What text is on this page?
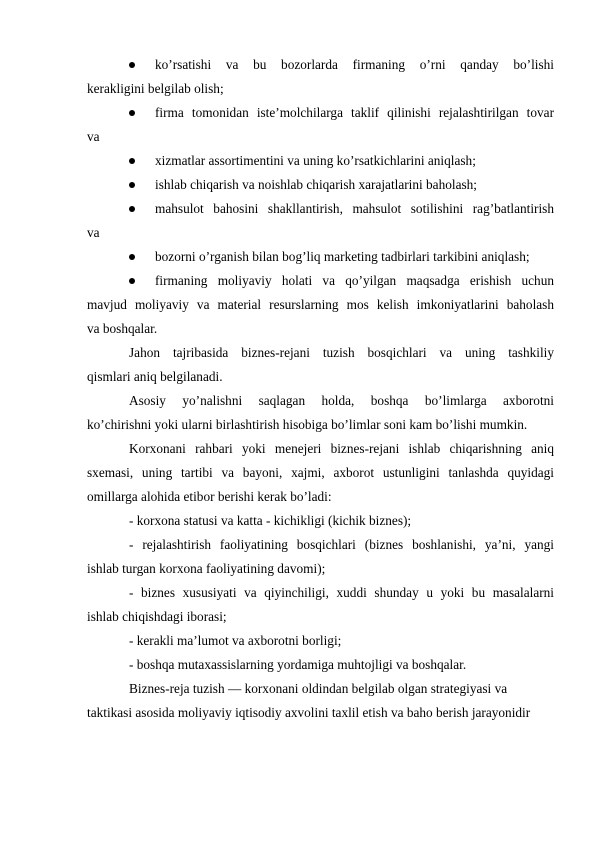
ko’rsatishi va bu bozorlarda firmaning o’rni qanday bo’lishi
kerakligini belgilab olish;
firma tomonidan iste’molchilarga taklif qilinishi rejalashtirilgan tovar
va
xizmatlar assortimentini va uning ko’rsatkichlarini aniqlash;
ishlab chiqarish va noishlab chiqarish xarajatlarini baholash;
mahsulot bahosini shakllantirish, mahsulot sotilishini rag’batlantirish
va
bozorni o’rganish bilan bog’liq marketing tadbirlari tarkibini aniqlash;
firmaning moliyaviy holati va qo’yilgan maqsadga erishish uchun
mavjud moliyaviy va material resurslarning mos kelish imkoniyatlarini baholash
va boshqalar.
Jahon tajribasida biznes-rejani tuzish bosqichlari va uning tashkiliy
qismlari aniq belgilanadi.
Asosiy yo’nalishni saqlagan holda, boshqa bo’limlarga axborotni
ko’chirishni yoki ularni birlashtirish hisobiga bo’limlar soni kam bo’lishi mumkin.
Korxonani rahbari yoki menejeri biznes-rejani ishlab chiqarishning aniq
sxemasi, uning tartibi va bayoni, xajmi, axborot ustunligini tanlashda quyidagi
omillarga alohida etibor berishi kerak bo’ladi:
- korxona statusi va katta - kichikligi (kichik biznes);
- rejalashtirish faoliyatining bosqichlari (biznes boshlanishi, ya’ni, yangi
ishlab turgan korxona faoliyatining davomi);
- biznes xususiyati va qiyinchiligi, xuddi shunday u yoki bu masalalarni
ishlab chiqishdagi iborasi;
- kerakli ma’lumot va axborotni borligi;
- boshqa mutaxassislarning yordamiga muhtojligi va boshqalar.
Biznes-reja tuzish — korxonani oldindan belgilab olgan strategiyasi va
taktikasi asosida moliyaviy iqtisodiy axvolini taxlil etish va baho berish jarayonidir
